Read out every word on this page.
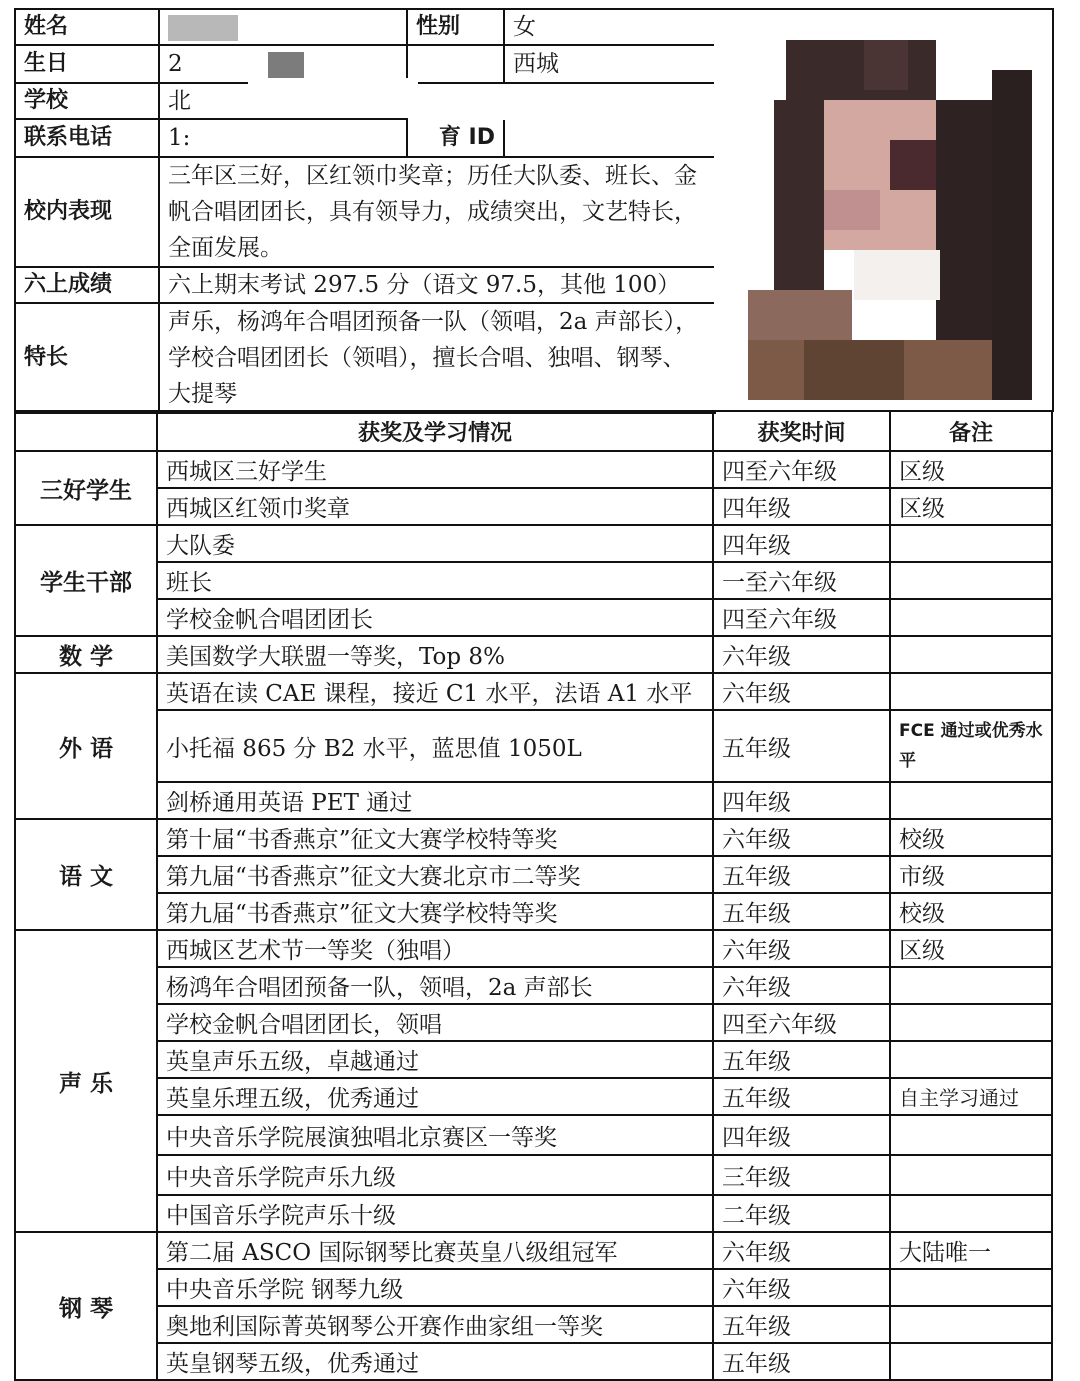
姓名		性别	女
生日	2		西城
学校	北		
联系电话	1:	育 ID	
校内表现	三年区三好，区红领巾奖章；历任大队委、班长、金帆合唱团团长，具有领导力，成绩突出，文艺特长，全面发展。		
六上成绩	六上期末考试 297.5 分（语文 97.5，其他 100）		
特长	声乐，杨鸿年合唱团预备一队（领唱，2a 声部长），学校合唱团团长（领唱），擅长合唱、独唱、钢琴、大提琴		
	获奖及学习情况	获奖时间	备注
三好学生	西城区三好学生	四至六年级	区级
	西城区红领巾奖章	四年级	区级
学生干部	大队委	四年级	
	班长	一至六年级	
	学校金帆合唱团团长	四至六年级	
数 学	美国数学大联盟一等奖，Top 8%	六年级	
外 语	英语在读 CAE 课程，接近 C1 水平，法语 A1 水平	六年级	
	小托福 865 分 B2 水平，蓝思值 1050L	五年级	FCE 通过或优秀水平
	剑桥通用英语 PET 通过	四年级	
语 文	第十届“书香燕京”征文大赛学校特等奖	六年级	校级
	第九届“书香燕京”征文大赛北京市二等奖	五年级	市级
	第九届“书香燕京”征文大赛学校特等奖	五年级	校级
声 乐	西城区艺术节一等奖（独唱）	六年级	区级
	杨鸿年合唱团预备一队，领唱，2a 声部长	六年级	
	学校金帆合唱团团长，领唱	四至六年级	
	英皇声乐五级，卓越通过	五年级	
	英皇乐理五级，优秀通过	五年级	自主学习通过
	中央音乐学院展演独唱北京赛区一等奖	四年级	
	中央音乐学院声乐九级	三年级	
	中国音乐学院声乐十级	二年级	
钢 琴	第二届 ASCO 国际钢琴比赛英皇八级组冠军	六年级	大陆唯一
	中央音乐学院 钢琴九级	六年级	
	奥地利国际菁英钢琴公开赛作曲家组一等奖	五年级	
	英皇钢琴五级，优秀通过	五年级	
